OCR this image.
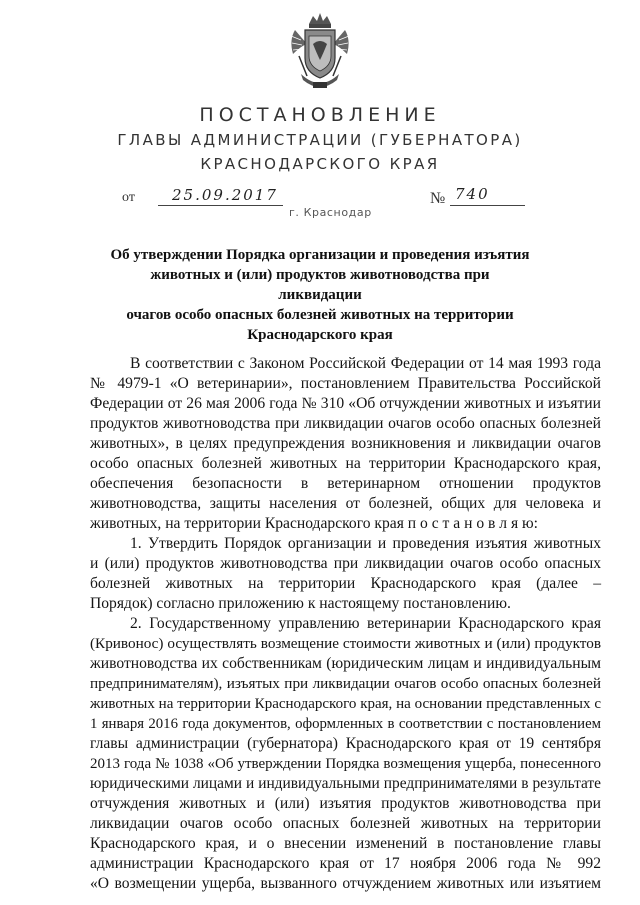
ПОСТАНОВЛЕНИЕ
ГЛАВЫ АДМИНИСТРАЦИИ (ГУБЕРНАТОРА)
КРАСНОДАРСКОГО КРАЯ
от 25.09.2017	№ 740
г. Краснодар
Об утверждении Порядка организации и проведения изъятия
животных и (или) продуктов животноводства при ликвидации
очагов особо опасных болезней животных на территории
Краснодарского края
В соответствии с Законом Российской Федерации от 14 мая 1993 года
№ 4979-1 «О ветеринарии», постановлением Правительства Российской
Федерации от 26 мая 2006 года № 310 «Об отчуждении животных и изъятии
продуктов животноводства при ликвидации очагов особо опасных болезней
животных», в целях предупреждения возникновения и ликвидации очагов
особо опасных болезней животных на территории Краснодарского края,
обеспечения безопасности в ветеринарном отношении продуктов
животноводства, защиты населения от болезней, общих для человека и
животных, на территории Краснодарского края п о с т а н о в л я ю:
1. Утвердить Порядок организации и проведения изъятия животных
и (или) продуктов животноводства при ликвидации очагов особо опасных
болезней животных на территории Краснодарского края (далее –
Порядок) согласно приложению к настоящему постановлению.
2. Государственному управлению ветеринарии Краснодарского края
(Кривонос) осуществлять возмещение стоимости животных и (или) продуктов
животноводства их собственникам (юридическим лицам и индивидуальным
предпринимателям), изъятых при ликвидации очагов особо опасных болезней
животных на территории Краснодарского края, на основании представленных с
1 января 2016 года документов, оформленных в соответствии с постановлением
главы администрации (губернатора) Краснодарского края от 19 сентября
2013 года № 1038 «Об утверждении Порядка возмещения ущерба, понесенного
юридическими лицами и индивидуальными предпринимателями в результате
отчуждения животных и (или) изъятия продуктов животноводства при
ликвидации очагов особо опасных болезней животных на территории
Краснодарского края, и о внесении изменений в постановление главы
администрации Краснодарского края от 17 ноября 2006 года № 992
«О возмещении ущерба, вызванного отчуждением животных или изъятием
